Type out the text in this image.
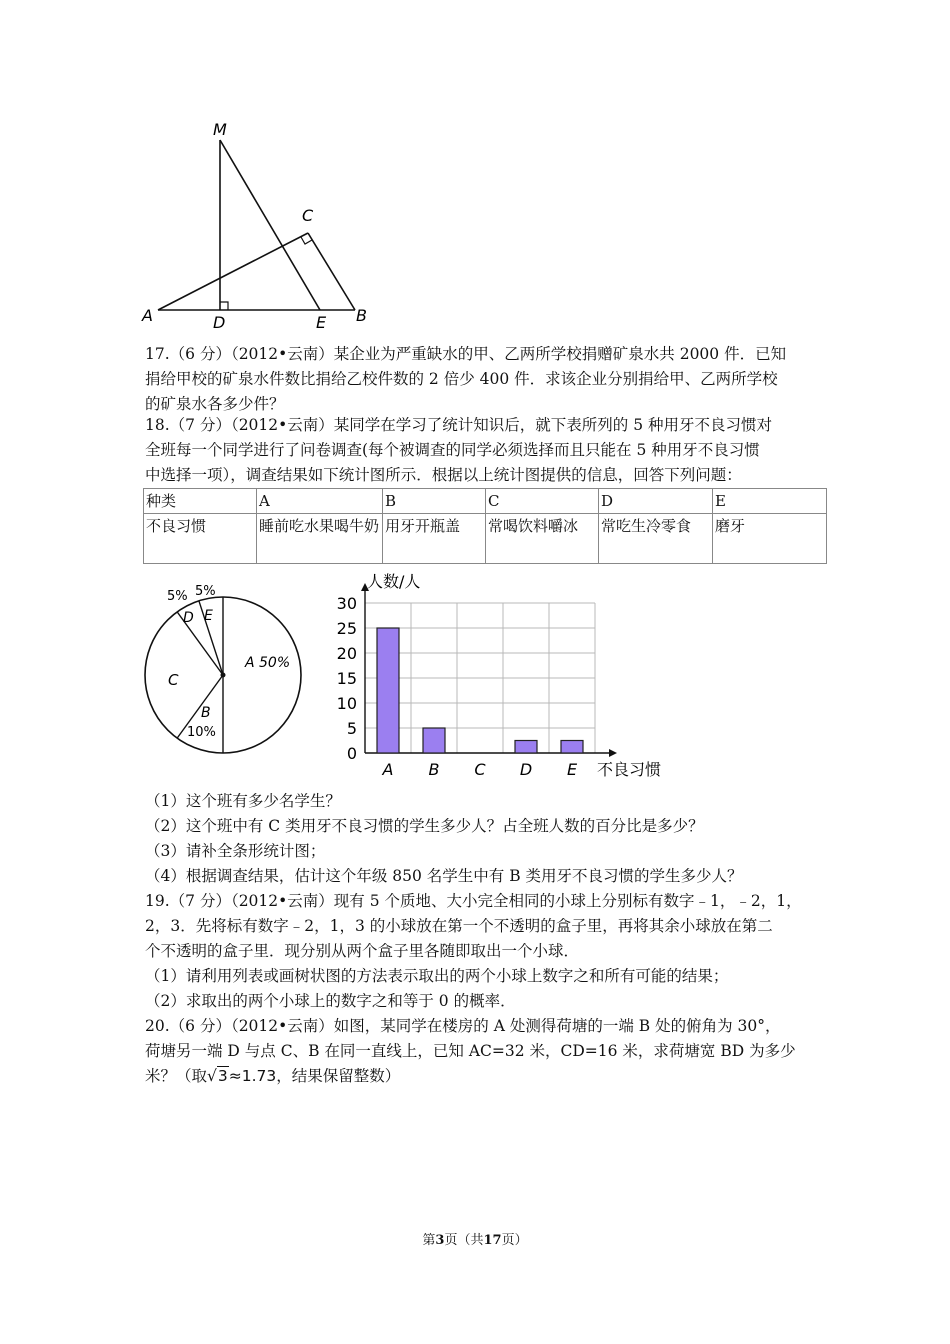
M
C
A	D	E B
17.（6 分）（2012•云南）某企业为严重缺水的甲、乙两所学校捐赠矿泉水共 2000 件．已知
捐给甲校的矿泉水件数比捐给乙校件数的 2 倍少 400 件．求该企业分别捐给甲、乙两所学校
的矿泉水各多少件？
18.（7 分）（2012•云南）某同学在学习了统计知识后，就下表所列的 5 种用牙不良习惯对
全班每一个同学进行了问卷调查(每个被调查的同学必须选择而且只能在 5 种用牙不良习惯
中选择一项），调查结果如下统计图所示．根据以上统计图提供的信息，回答下列问题：
种类	A	B	C	D	E
不良习惯	睡前吃水果喝牛奶	用牙开瓶盖	常喝饮料嚼冰	常吃生冷零食	磨牙
A 50%
C
B
10%
D
5%
E
5%
0
5
10
15
20
25
30
人数/人
不良习惯
A B C D E
（1）这个班有多少名学生？
（2）这个班中有 C 类用牙不良习惯的学生多少人？占全班人数的百分比是多少？
（3）请补全条形统计图；
（4）根据调查结果，估计这个年级 850 名学生中有 B 类用牙不良习惯的学生多少人？
19.（7 分）（2012•云南）现有 5 个质地、大小完全相同的小球上分别标有数字﹣1，﹣2，1，
2，3．先将标有数字﹣2，1，3 的小球放在第一个不透明的盒子里，再将其余小球放在第二
个不透明的盒子里．现分别从两个盒子里各随即取出一个小球．
（1）请利用列表或画树状图的方法表示取出的两个小球上数字之和所有可能的结果；
（2）求取出的两个小球上的数字之和等于 0 的概率．
20.（6 分）（2012•云南）如图，某同学在楼房的 A 处测得荷塘的一端 B 处的俯角为 30°，
荷塘另一端 D 与点 C、B 在同一直线上，已知 AC=32 米，CD=16 米，求荷塘宽 BD 为多少
米？（取√3≈1.73，结果保留整数）
第3页（共17页）
